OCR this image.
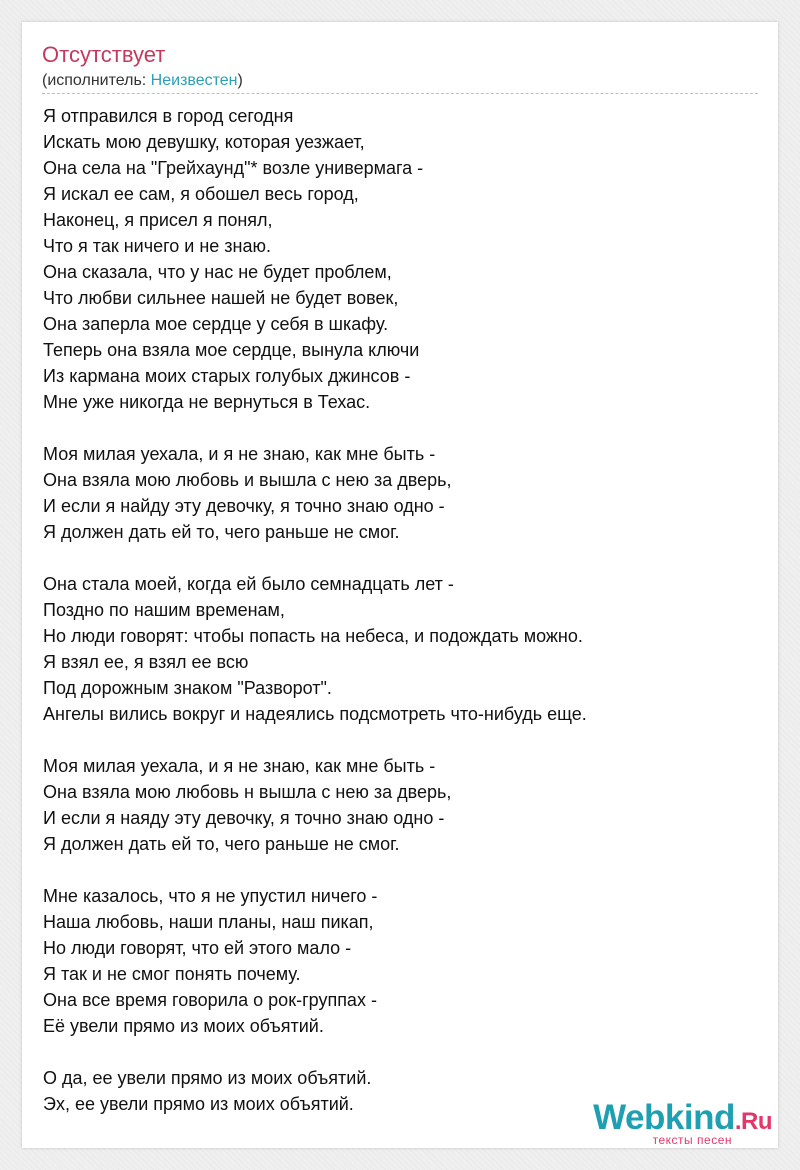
Отсутствует
(исполнитель: Неизвестен)
Я отправился в город сегодня
Искать мою девушку, которая уезжает,
Она села на "Грейхаунд"* возле универмага -
Я искал ее сам, я обошел весь город,
Наконец, я присел я понял,
Что я так ничего и не знаю.
Она сказала, что у нас не будет проблем,
Что любви сильнее нашей не будет вовек,
Она заперла мое сердце у себя в шкафу.
Теперь она взяла мое сердце, вынула ключи
Из кармана моих старых голубых джинсов -
Мне уже никогда не вернуться в Техас.
Моя милая уехала, и я не знаю, как мне быть -
Она взяла мою любовь и вышла с нею за дверь,
И если я найду эту девочку, я точно знаю одно -
Я должен дать ей то, чего раньше не смог.
Она стала моей, когда ей было семнадцать лет -
Поздно по нашим временам,
Но люди говорят: чтобы попасть на небеса, и подождать можно.
Я взял ее, я взял ее всю
Под дорожным знаком "Разворот".
Ангелы вились вокруг и надеялись подсмотреть что-нибудь еще.
Моя милая уехала, и я не знаю, как мне быть -
Она взяла мою любовь н вышла с нею за дверь,
И если я наяду эту девочку, я точно знаю одно -
Я должен дать ей то, чего раньше не смог.
Мне казалось, что я не упустил ничего -
Наша любовь, наши планы, наш пикап,
Но люди говорят, что ей этого мало -
Я так и не смог понять почему.
Она все время говорила о рок-группах -
Её увели прямо из моих объятий.
О да, ее увели прямо из моих объятий.
Эх, ее увели прямо из моих объятий.	Webkind.Ru
тексты песен
